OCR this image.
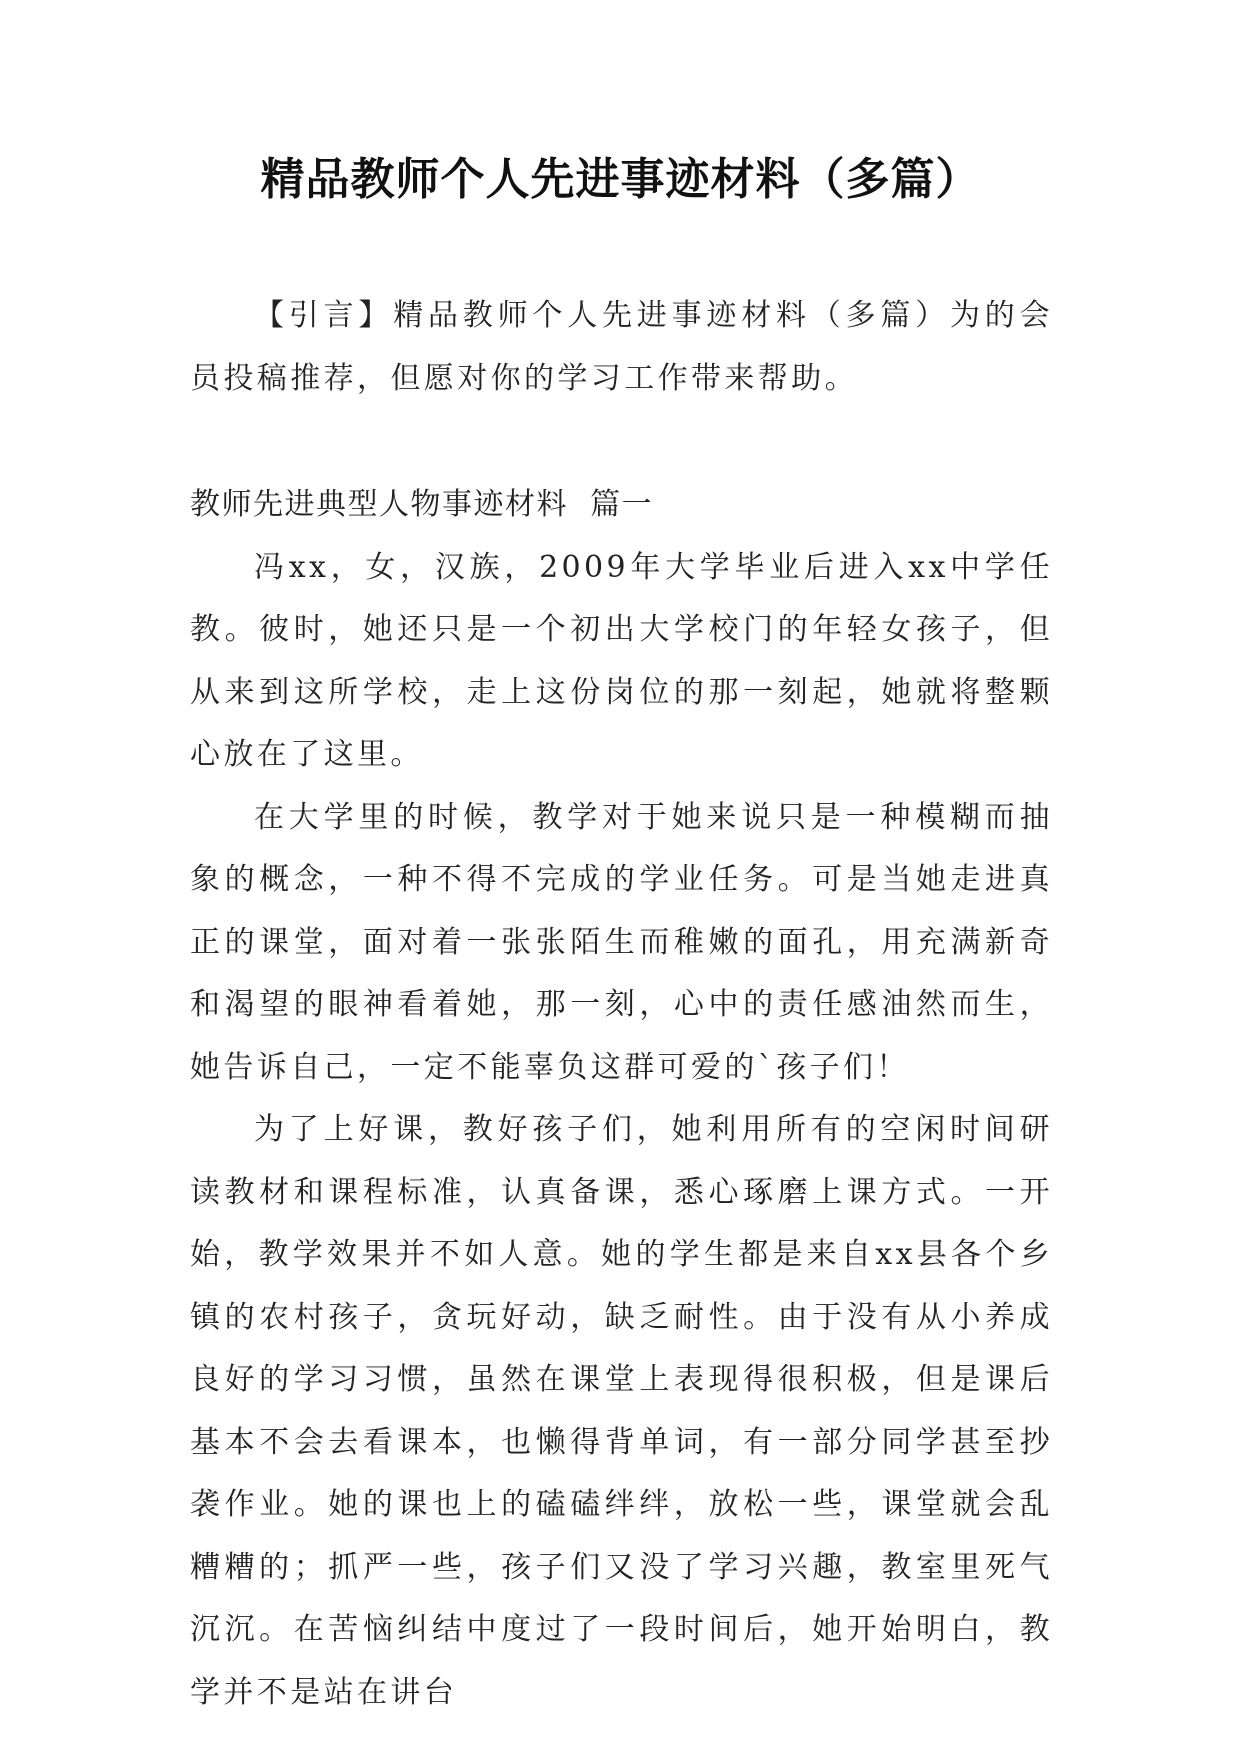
精品教师个人先进事迹材料（多篇）

【引言】精品教师个人先进事迹材料（多篇）为的会员投稿推荐，但愿对你的学习工作带来帮助。

教师先进典型人物事迹材料  篇一

冯xx，女，汉族，2009年大学毕业后进入xx中学任教。彼时，她还只是一个初出大学校门的年轻女孩子，但从来到这所学校，走上这份岗位的那一刻起，她就将整颗心放在了这里。

在大学里的时候，教学对于她来说只是一种模糊而抽象的概念，一种不得不完成的学业任务。可是当她走进真正的课堂，面对着一张张陌生而稚嫩的面孔，用充满新奇和渴望的眼神看着她，那一刻，心中的责任感油然而生，她告诉自己，一定不能辜负这群可爱的`孩子们！

为了上好课，教好孩子们，她利用所有的空闲时间研读教材和课程标准，认真备课，悉心琢磨上课方式。一开始，教学效果并不如人意。她的学生都是来自xx县各个乡镇的农村孩子，贪玩好动，缺乏耐性。由于没有从小养成良好的学习习惯，虽然在课堂上表现得很积极，但是课后基本不会去看课本，也懒得背单词，有一部分同学甚至抄袭作业。她的课也上的磕磕绊绊，放松一些，课堂就会乱糟糟的；抓严一些，孩子们又没了学习兴趣，教室里死气沉沉。在苦恼纠结中度过了一段时间后，她开始明白，教学并不是站在讲台
